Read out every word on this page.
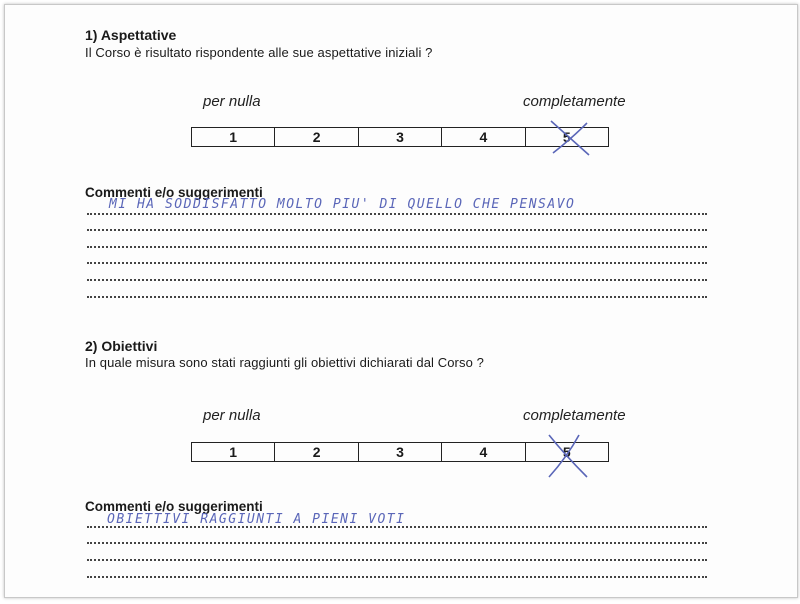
1) Aspettative
Il Corso è risultato rispondente alle sue aspettative iniziali ?
per nulla	completamente
1	2	3	4	5
Commenti e/o suggerimenti
MI HA SODDISFATTO MOLTO PIU' DI QUELLO CHE PENSAVO
2) Obiettivi
In quale misura sono stati raggiunti gli obiettivi dichiarati dal Corso ?
per nulla	completamente
1	2	3	4	5
Commenti e/o suggerimenti
OBIETTIVI RAGGIUNTI A PIENI VOTI
